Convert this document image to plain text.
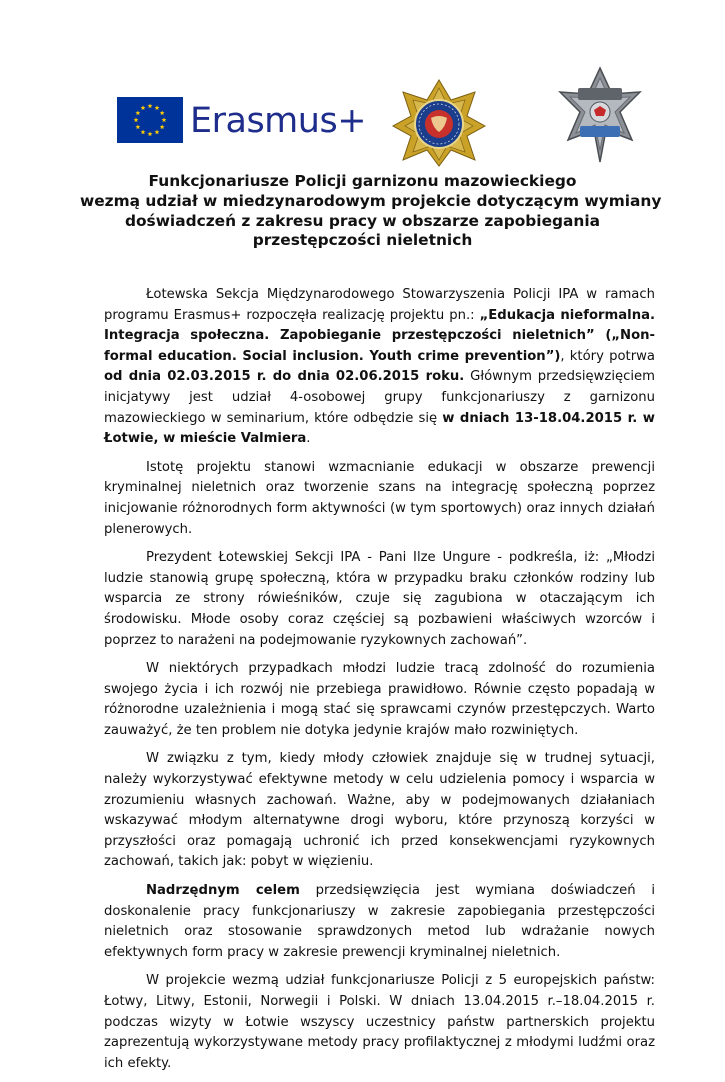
Erasmus+
Funkcjonariusze Policji garnizonu mazowieckiego
wezmą udział w miedzynarodowym projekcie dotyczącym wymiany
doświadczeń z zakresu pracy w obszarze zapobiegania
przestępczości nieletnich

Łotewska Sekcja Międzynarodowego Stowarzyszenia Policji IPA w ramach programu Erasmus+ rozpoczęła realizację projektu pn.: „Edukacja nieformalna. Integracja społeczna. Zapobieganie przestępczości nieletnich” („Non-formal education. Social inclusion. Youth crime prevention”), który potrwa od dnia 02.03.2015 r. do dnia 02.06.2015 roku. Głównym przedsięwzięciem inicjatywy jest udział 4-osobowej grupy funkcjonariuszy z garnizonu mazowieckiego w seminarium, które odbędzie się w dniach 13-18.04.2015 r. w Łotwie, w mieście Valmiera.

Istotę projektu stanowi wzmacnianie edukacji w obszarze prewencji kryminalnej nieletnich oraz tworzenie szans na integrację społeczną poprzez inicjowanie różnorodnych form aktywności (w tym sportowych) oraz innych działań plenerowych.

Prezydent Łotewskiej Sekcji IPA - Pani Ilze Ungure - podkreśla, iż: „Młodzi ludzie stanowią grupę społeczną, która w przypadku braku członków rodziny lub wsparcia ze strony rówieśników, czuje się zagubiona w otaczającym ich środowisku. Młode osoby coraz częściej są pozbawieni właściwych wzorców i poprzez to narażeni na podejmowanie ryzykownych zachowań”.

W niektórych przypadkach młodzi ludzie tracą zdolność do rozumienia swojego życia i ich rozwój nie przebiega prawidłowo. Równie często popadają w różnorodne uzależnienia i mogą stać się sprawcami czynów przestępczych. Warto zauważyć, że ten problem nie dotyka jedynie krajów mało rozwiniętych.

W związku z tym, kiedy młody człowiek znajduje się w trudnej sytuacji, należy wykorzystywać efektywne metody w celu udzielenia pomocy i wsparcia w zrozumieniu własnych zachowań. Ważne, aby w podejmowanych działaniach wskazywać młodym alternatywne drogi wyboru, które przynoszą korzyści w przyszłości oraz pomagają uchronić ich przed konsekwencjami ryzykownych zachowań, takich jak: pobyt w więzieniu.

Nadrzędnym celem przedsięwzięcia jest wymiana doświadczeń i doskonalenie pracy funkcjonariuszy w zakresie zapobiegania przestępczości nieletnich oraz stosowanie sprawdzonych metod lub wdrażanie nowych efektywnych form pracy w zakresie prewencji kryminalnej nieletnich.

W projekcie wezmą udział funkcjonariusze Policji z 5 europejskich państw: Łotwy, Litwy, Estonii, Norwegii i Polski. W dniach 13.04.2015 r.–18.04.2015 r. podczas wizyty w Łotwie wszyscy uczestnicy państw partnerskich projektu zaprezentują wykorzystywane metody pracy profilaktycznej z młodymi ludźmi oraz ich efekty.
